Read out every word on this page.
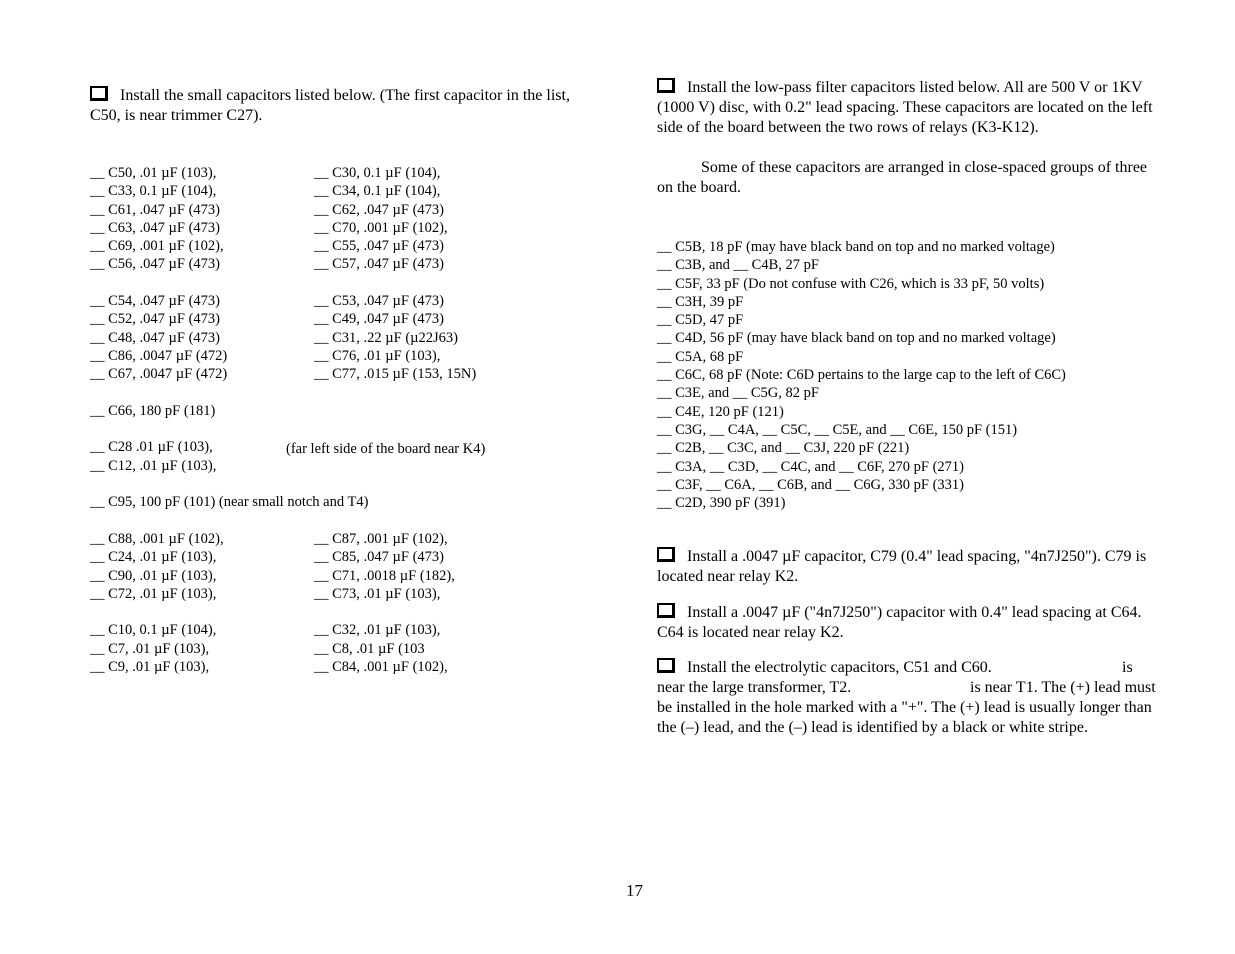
Install the small capacitors listed below. (The first capacitor in the list, C50, is near trimmer C27).
__ C50, .01 µF (103),
__ C33, 0.1 µF (104),
__ C61, .047 µF (473)
__ C63, .047 µF (473)
__ C69, .001 µF (102),
__ C56, .047 µF (473)
__ C54, .047 µF (473)
__ C52, .047 µF (473)
__ C48, .047 µF (473)
__ C86, .0047 µF (472)
__ C67, .0047 µF (472)
__ C66, 180 pF (181)
__ C28 .01 µF (103),
__ C12, .01 µF (103),
__ C95, 100 pF (101) (near small notch and T4)
__ C88, .001 µF (102),
__ C24, .01 µF (103),
__ C90, .01 µF (103),
__ C72, .01 µF (103),
__ C10, 0.1 µF (104),
__ C7, .01 µF (103),
__ C9, .01 µF (103),
__ C30, 0.1 µF (104),
__ C34, 0.1 µF (104),
__ C62, .047 µF (473)
__ C70, .001 µF (102),
__ C55, .047 µF (473)
__ C57, .047 µF (473)
__ C53, .047 µF (473)
__ C49, .047 µF (473)
__ C31, .22 µF (µ22J63)
__ C76, .01 µF (103),
__ C77, .015 µF (153, 15N)
__ C87, .001 µF (102),
__ C85, .047 µF (473)
__ C71, .0018 µF (182),
__ C73, .01 µF (103),
__ C32, .01 µF (103),
__ C8, .01 µF (103
__ C84, .001 µF (102),
(far left side of the board near K4)
Install the low-pass filter capacitors listed below. All are 500 V or 1KV (1000 V) disc, with 0.2" lead spacing. These capacitors are located on the left side of the board between the two rows of relays (K3-K12).
Some of these capacitors are arranged in close-spaced groups of three on the board.
__ C5B, 18 pF (may have black band on top and no marked voltage)
__ C3B, and __ C4B, 27 pF
__ C5F, 33 pF (Do not confuse with C26, which is 33 pF, 50 volts)
__ C3H, 39 pF
__ C5D, 47 pF
__ C4D, 56 pF (may have black band on top and no marked voltage)
__ C5A, 68 pF
__ C6C, 68 pF (Note: C6D pertains to the large cap to the left of C6C)
__ C3E, and __ C5G, 82 pF
__ C4E, 120 pF (121)
__ C3G, __ C4A, __ C5C, __ C5E, and __ C6E, 150 pF (151)
__ C2B, __ C3C, and __ C3J, 220 pF (221)
__ C3A, __ C3D, __ C4C, and __ C6F, 270 pF (271)
__ C3F, __ C6A, __ C6B, and __ C6G, 330 pF (331)
__ C2D, 390 pF (391)
Install a .0047 µF capacitor, C79 (0.4" lead spacing, "4n7J250"). C79 is located near relay K2.
Install a .0047 µF ("4n7J250") capacitor with 0.4" lead spacing at C64. C64 is located near relay K2.
Install the electrolytic capacitors, C51 and C60.	is
near the large transformer, T2.	is near T1. The (+) lead must be installed in the hole marked with a "+". The (+) lead is usually longer than the (–) lead, and the (–) lead is identified by a black or white stripe.
17
